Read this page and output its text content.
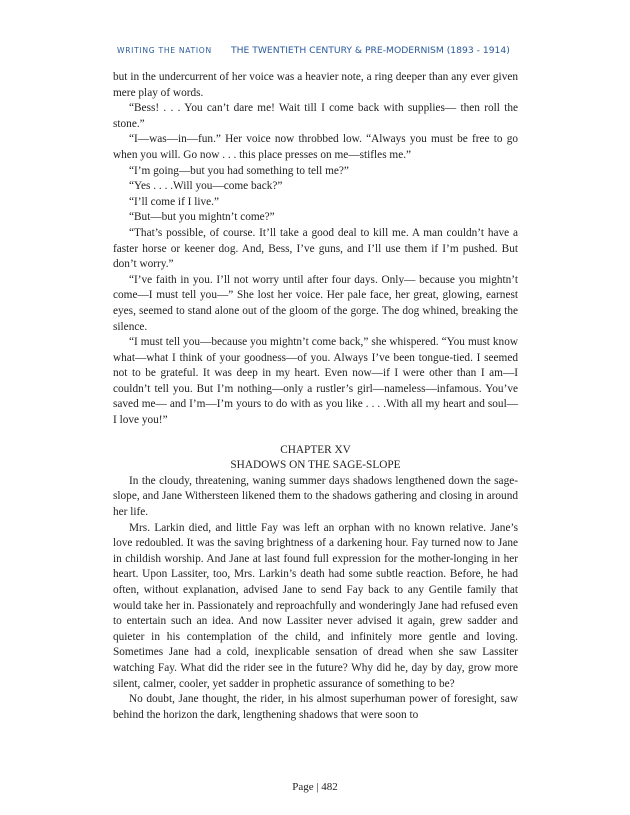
WRITING THE NATION THE TWENTIETH CENTURY & PRE-MODERNISM (1893 - 1914)

but in the undercurrent of her voice was a heavier note, a ring deeper than any ever given mere play of words.

“Bess! . . . You can’t dare me! Wait till I come back with supplies— then roll the stone.”

“I—was—in—fun.” Her voice now throbbed low. “Always you must be free to go when you will. Go now . . . this place presses on me—stifles me.”

“I’m going—but you had something to tell me?”

“Yes . . . .Will you—come back?”

“I’ll come if I live.”

“But—but you mightn’t come?”

“That’s possible, of course. It’ll take a good deal to kill me. A man couldn’t have a faster horse or keener dog. And, Bess, I’ve guns, and I’ll use them if I’m pushed. But don’t worry.”

“I’ve faith in you. I’ll not worry until after four days. Only— because you mightn’t come—I must tell you—” She lost her voice. Her pale face, her great, glowing, earnest eyes, seemed to stand alone out of the gloom of the gorge. The dog whined, breaking the silence.

“I must tell you—because you mightn’t come back,” she whispered. “You must know what—what I think of your goodness—of you. Always I’ve been tongue-tied. I seemed not to be grateful. It was deep in my heart. Even now—if I were other than I am—I couldn’t tell you. But I’m nothing—only a rustler’s girl—nameless—infamous. You’ve saved me— and I’m—I’m yours to do with as you like . . . .With all my heart and soul—I love you!”

CHAPTER XV

SHADOWS ON THE SAGE-SLOPE

In the cloudy, threatening, waning summer days shadows lengthened down the sage-slope, and Jane Withersteen likened them to the shadows gathering and closing in around her life.

Mrs. Larkin died, and little Fay was left an orphan with no known relative. Jane’s love redoubled. It was the saving brightness of a darkening hour. Fay turned now to Jane in childish worship. And Jane at last found full expression for the mother-longing in her heart. Upon Lassiter, too, Mrs. Larkin’s death had some subtle reaction. Before, he had often, without explanation, advised Jane to send Fay back to any Gentile family that would take her in. Passionately and reproachfully and wonderingly Jane had refused even to entertain such an idea. And now Lassiter never advised it again, grew sadder and quieter in his contemplation of the child, and infinitely more gentle and loving. Sometimes Jane had a cold, inexplicable sensation of dread when she saw Lassiter watching Fay. What did the rider see in the future? Why did he, day by day, grow more silent, calmer, cooler, yet sadder in prophetic assurance of something to be?

No doubt, Jane thought, the rider, in his almost superhuman power of foresight, saw behind the horizon the dark, lengthening shadows that were soon to

Page | 482
